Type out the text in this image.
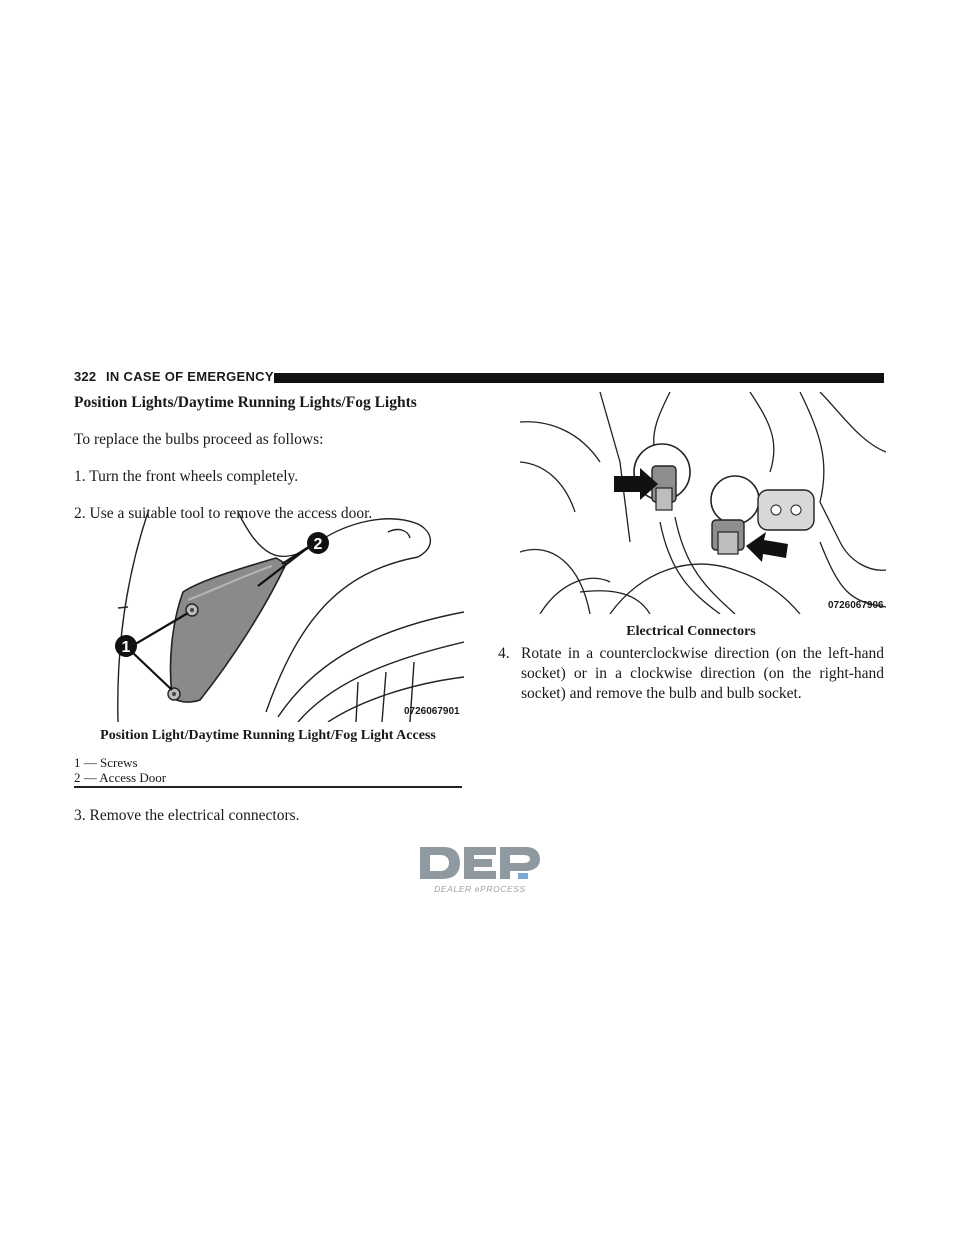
322 IN CASE OF EMERGENCY
Position Lights/Daytime Running Lights/Fog Lights
To replace the bulbs proceed as follows:
1. Turn the front wheels completely.
2. Use a suitable tool to remove the access door.
1
2
0726067901
Position Light/Daytime Running Light/Fog Light Access
1 — Screws
2 — Access Door
3. Remove the electrical connectors.
0726067906
Electrical Connectors
4. Rotate in a counterclockwise direction (on the left-hand socket) or in a clockwise direction (on the right-hand socket) and remove the bulb and bulb socket.
DEALER ePROCESS
